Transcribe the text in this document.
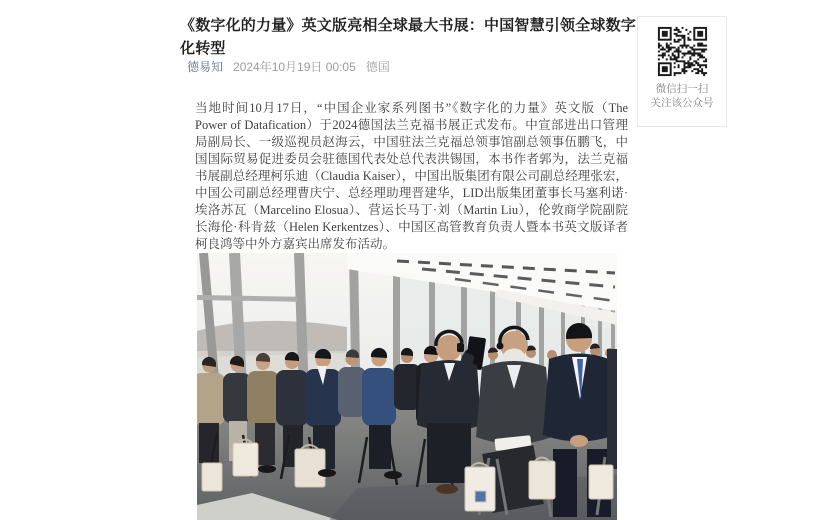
《数字化的力量》英文版亮相全球最大书展：中国智慧引领全球数字化转型
德易知 2024年10月19日 00:05 德国

当地时间10月17日，“中国企业家系列图书”《数字化的力量》英文版（The Power of Datafication）于2024德国法兰克福书展正式发布。中宣部进出口管理局副局长、一级巡视员赵海云，中国驻法兰克福总领事馆副总领事伍鹏飞，中国国际贸易促进委员会驻德国代表处总代表洪锡国，本书作者郭为，法兰克福书展副总经理柯乐迪（Claudia Kaiser），中国出版集团有限公司副总经理张宏，中国公司副总经理曹庆宁、总经理助理晋建华，LID出版集团董事长马塞利诺·埃洛苏瓦（Marcelino Elosua）、营运长马丁·刘（Martin Liu），伦敦商学院副院长海伦·科肯兹（Helen Kerkentzes）、中国区高管教育负责人暨本书英文版译者柯良鸿等中外方嘉宾出席发布活动。

微信扫一扫
关注该公众号
